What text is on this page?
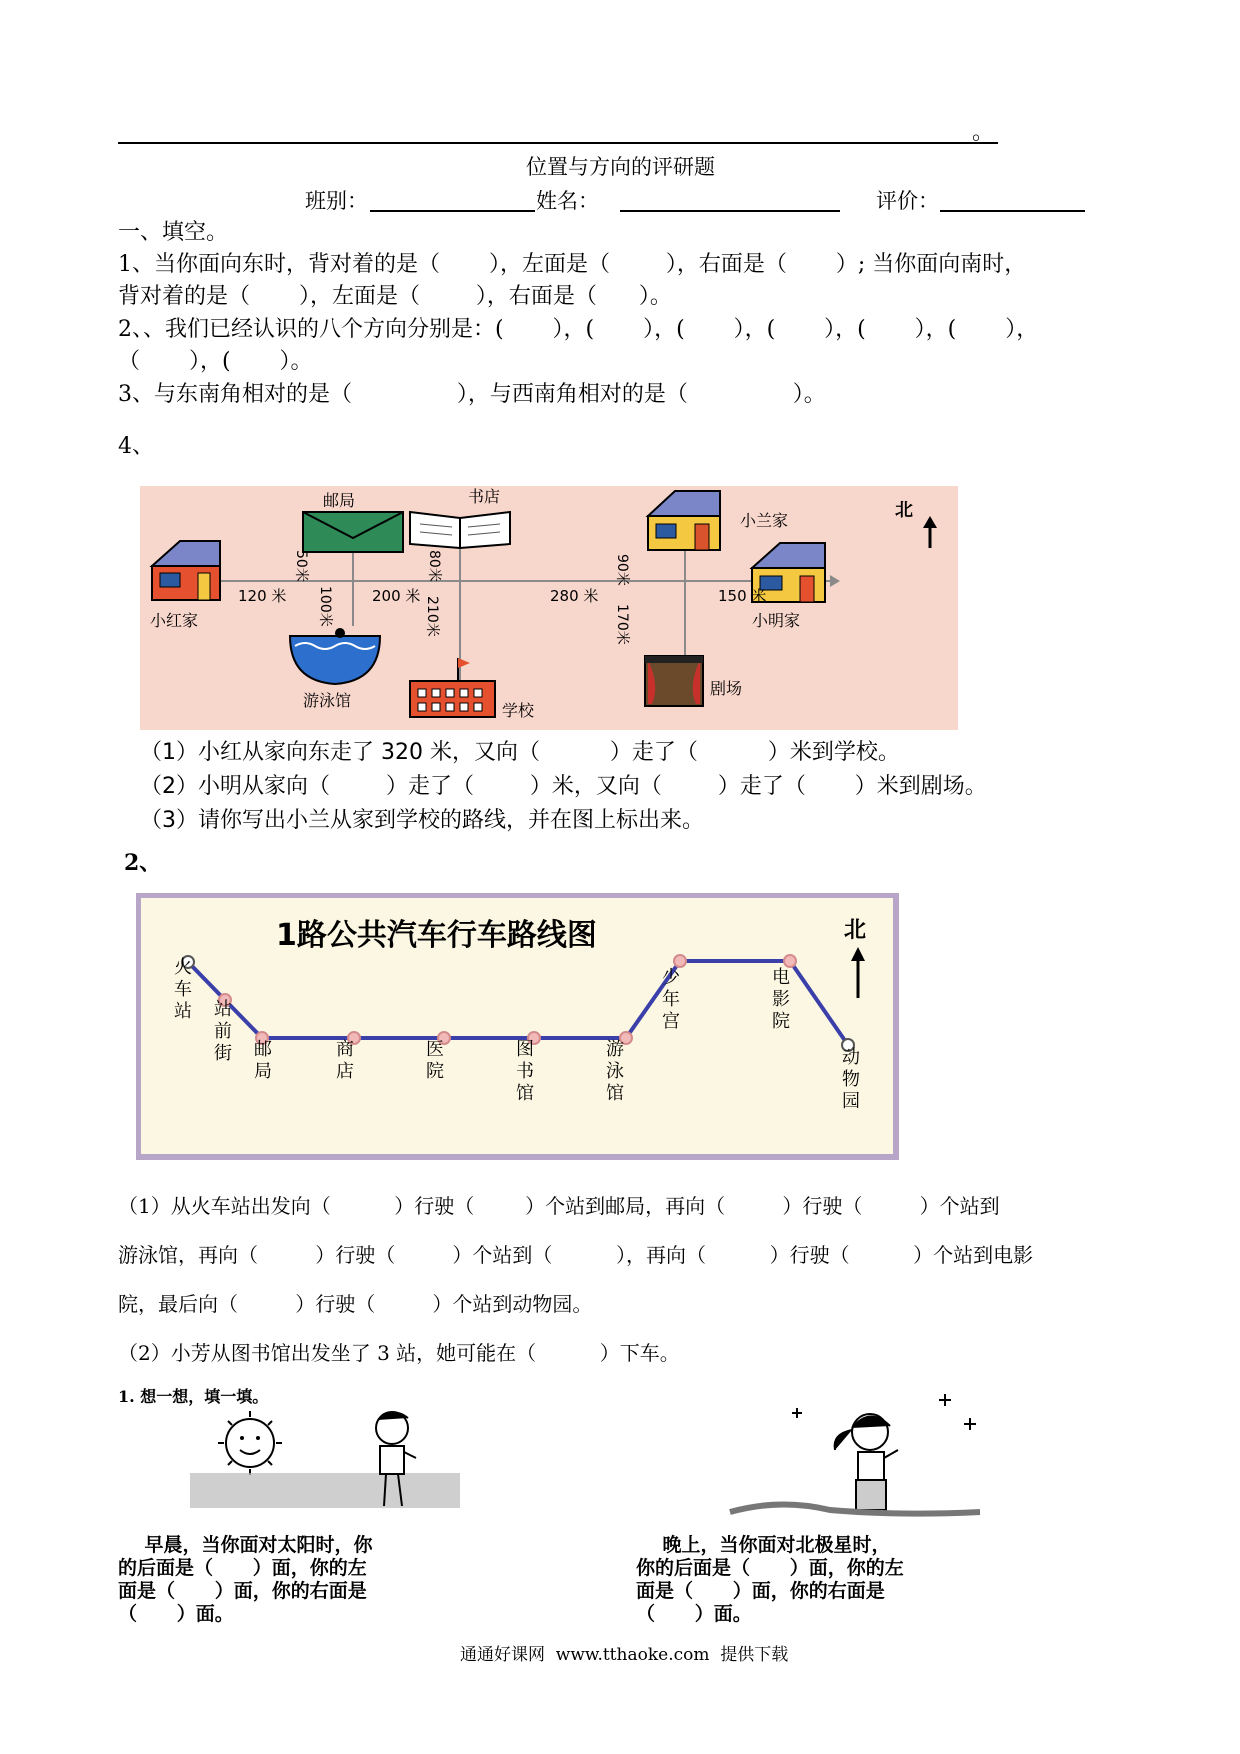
。
位置与方向的评研题
班别：	姓名：	评价：
一、填空。
1、当你面向东时，背对着的是（       ），左面是（        ），右面是（       ）; 当你面向南时，
背对着的是（       ），左面是（        ），右面是（      ）。
2、、我们已经认识的八个方向分别是：(       ），(       ），(       ），(       ），(       ），(       ），
（       ），(       ）。
3、与东南角相对的是（               ），与西南角相对的是（               ）。
4、
北
邮局	书店
小兰家
小红家	小明家
游泳馆
学校
剧场
120 米	200 米	280 米	150 米
50米
100米
80米
210米
90米
170米
（1）小红从家向东走了 320 米，又向（          ）走了（          ）米到学校。
（2）小明从家向（        ）走了（        ）米，又向（        ）走了（       ）米到剧场。
（3）请你写出小兰从家到学校的路线，并在图上标出来。
2、
1路公共汽车行车路线图	北
火车站 站前街 邮局
商店
医院
图书馆
游泳馆
少年宫
电影院
动物园
（1）从火车站出发向（          ）行驶（        ）个站到邮局，再向（         ）行驶（         ）个站到
游泳馆，再向（         ）行驶（         ）个站到（          ），再向（          ）行驶（          ）个站到电影
院，最后向（         ）行驶（         ）个站到动物园。
（2）小芳从图书馆出发坐了 3 站，她可能在（          ）下车。
1. 想一想，填一填。
早晨，当你面对太阳时，你
的后面是（      ）面，你的左
面是（      ）面，你的右面是
（      ）面。
晚上，当你面对北极星时，
你的后面是（      ）面，你的左
面是（      ）面，你的右面是
（      ）面。
通通好课网  www.tthaoke.com  提供下载
